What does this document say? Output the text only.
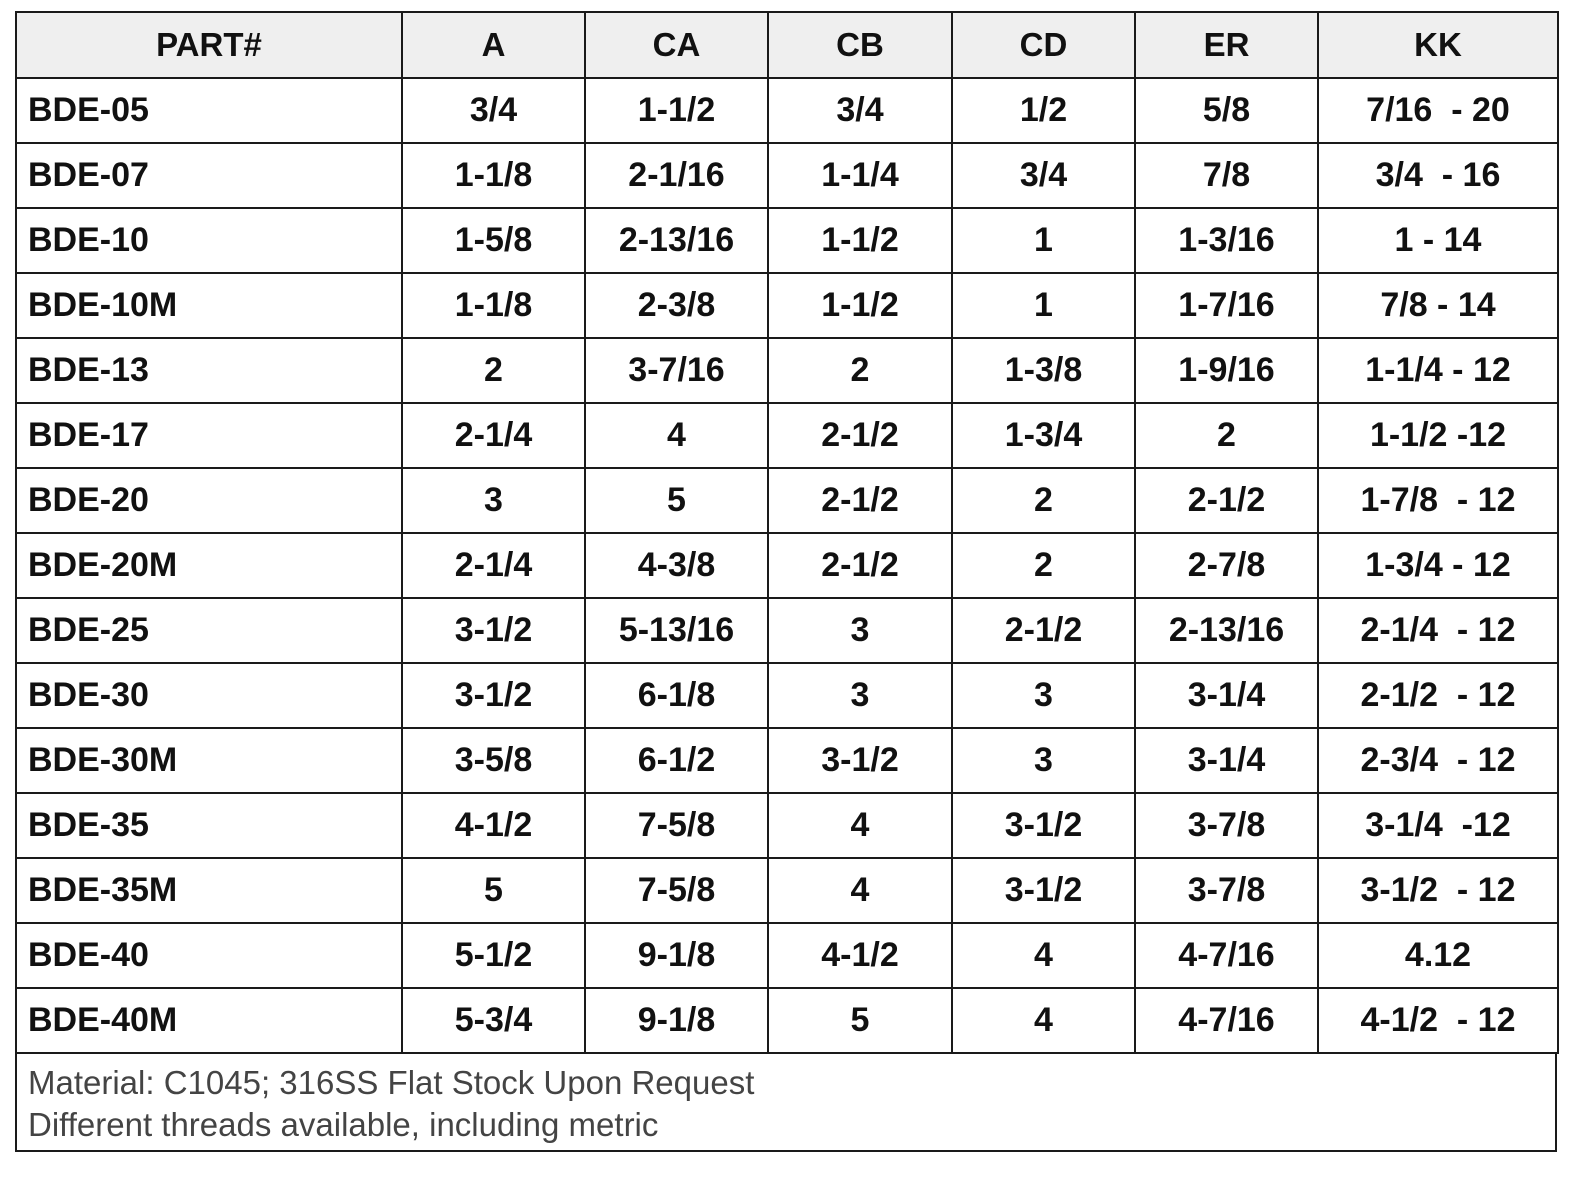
PART#	A	CA	CB	CD	ER	KK
BDE-05	3/4	1-1/2	3/4	1/2	5/8	7/16  - 20
BDE-07	1-1/8	2-1/16	1-1/4	3/4	7/8	3/4  - 16
BDE-10	1-5/8	2-13/16	1-1/2	1	1-3/16	1 - 14
BDE-10M	1-1/8	2-3/8	1-1/2	1	1-7/16	7/8 - 14
BDE-13	2	3-7/16	2	1-3/8	1-9/16	1-1/4 - 12
BDE-17	2-1/4	4	2-1/2	1-3/4	2	1-1/2 -12
BDE-20	3	5	2-1/2	2	2-1/2	1-7/8  - 12
BDE-20M	2-1/4	4-3/8	2-1/2	2	2-7/8	1-3/4 - 12
BDE-25	3-1/2	5-13/16	3	2-1/2	2-13/16	2-1/4  - 12
BDE-30	3-1/2	6-1/8	3	3	3-1/4	2-1/2  - 12
BDE-30M	3-5/8	6-1/2	3-1/2	3	3-1/4	2-3/4  - 12
BDE-35	4-1/2	7-5/8	4	3-1/2	3-7/8	3-1/4  -12
BDE-35M	5	7-5/8	4	3-1/2	3-7/8	3-1/2  - 12
BDE-40	5-1/2	9-1/8	4-1/2	4	4-7/16	4.12
BDE-40M	5-3/4	9-1/8	5	4	4-7/16	4-1/2  - 12
Material: C1045; 316SS Flat Stock Upon Request
Different threads available, including metric
